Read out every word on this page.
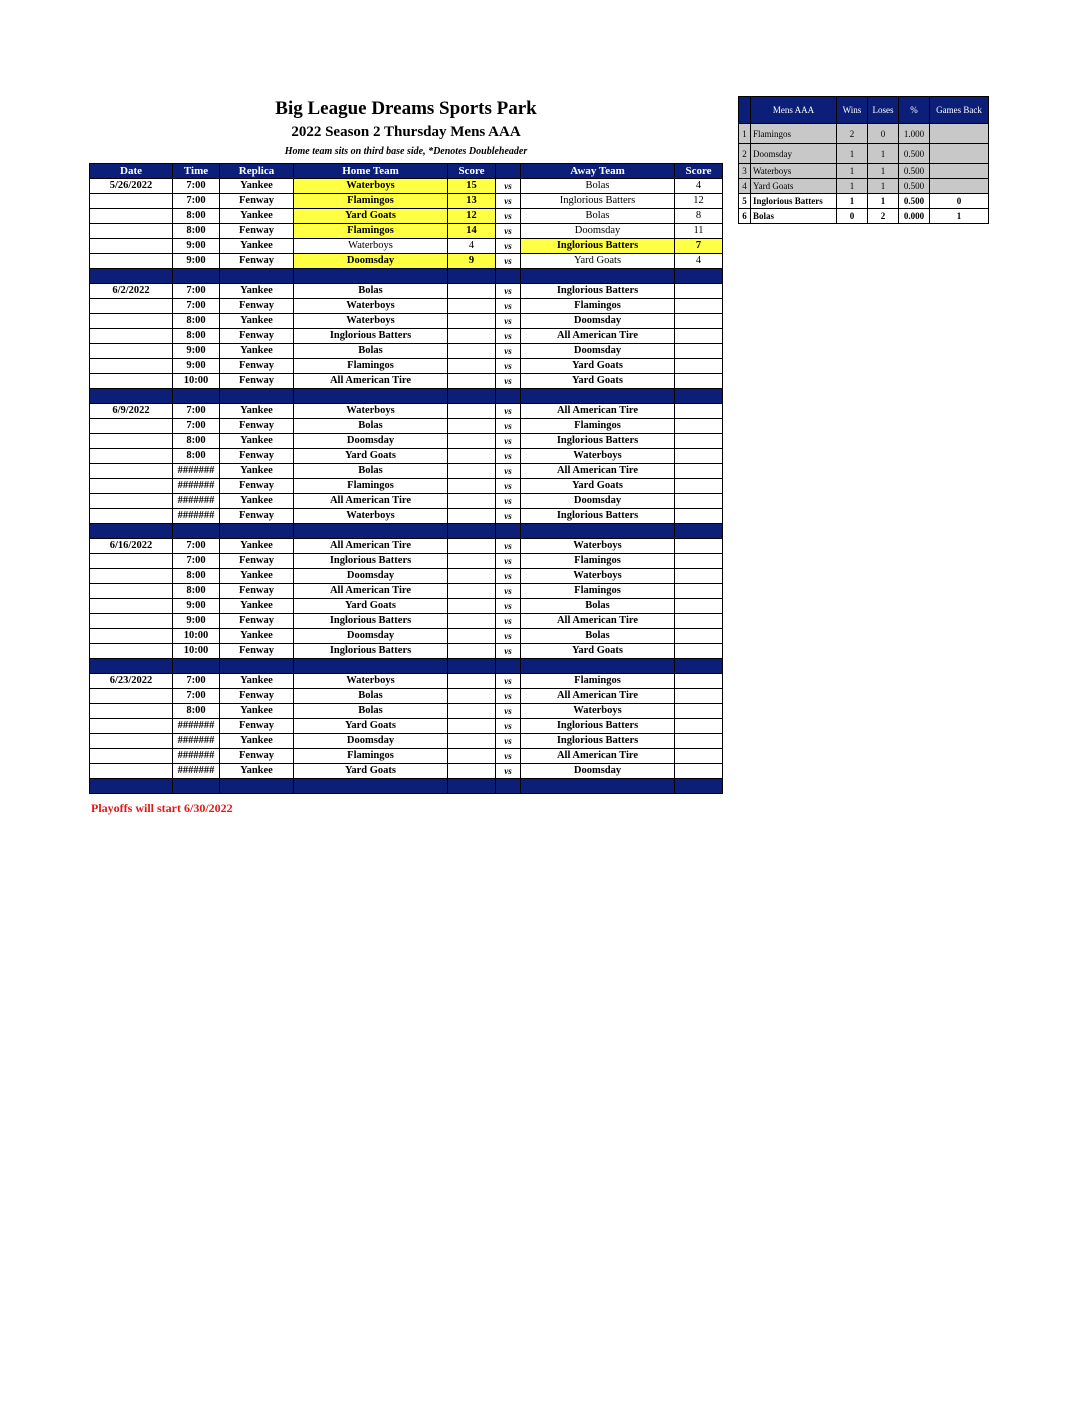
Big League Dreams Sports Park
2022 Season 2 Thursday Mens AAA
Home team sits on third base side, *Denotes Doubleheader
Date	Time	Replica	Home Team	Score		Away Team	Score
5/26/2022	7:00	Yankee	Waterboys	15	vs	Bolas	4
	7:00	Fenway	Flamingos	13	vs	Inglorious Batters	12
	8:00	Yankee	Yard Goats	12	vs	Bolas	8
	8:00	Fenway	Flamingos	14	vs	Doomsday	11
	9:00	Yankee	Waterboys	4	vs	Inglorious Batters	7
	9:00	Fenway	Doomsday	9	vs	Yard Goats	4

6/2/2022	7:00	Yankee	Bolas		vs	Inglorious Batters	
	7:00	Fenway	Waterboys		vs	Flamingos	
	8:00	Yankee	Waterboys		vs	Doomsday	
	8:00	Fenway	Inglorious Batters		vs	All American Tire	
	9:00	Yankee	Bolas		vs	Doomsday	
	9:00	Fenway	Flamingos		vs	Yard Goats	
	10:00	Fenway	All American Tire		vs	Yard Goats	

6/9/2022	7:00	Yankee	Waterboys		vs	All American Tire	
	7:00	Fenway	Bolas		vs	Flamingos	
	8:00	Yankee	Doomsday		vs	Inglorious Batters	
	8:00	Fenway	Yard Goats		vs	Waterboys	
	#######	Yankee	Bolas		vs	All American Tire	
	#######	Fenway	Flamingos		vs	Yard Goats	
	#######	Yankee	All American Tire		vs	Doomsday	
	#######	Fenway	Waterboys		vs	Inglorious Batters	

6/16/2022	7:00	Yankee	All American Tire		vs	Waterboys	
	7:00	Fenway	Inglorious Batters		vs	Flamingos	
	8:00	Yankee	Doomsday		vs	Waterboys	
	8:00	Fenway	All American Tire		vs	Flamingos	
	9:00	Yankee	Yard Goats		vs	Bolas	
	9:00	Fenway	Inglorious Batters		vs	All American Tire	
	10:00	Yankee	Doomsday		vs	Bolas	
	10:00	Fenway	Inglorious Batters		vs	Yard Goats	

6/23/2022	7:00	Yankee	Waterboys		vs	Flamingos	
	7:00	Fenway	Bolas		vs	All American Tire	
	8:00	Yankee	Bolas		vs	Waterboys	
	#######	Fenway	Yard Goats		vs	Inglorious Batters	
	#######	Yankee	Doomsday		vs	Inglorious Batters	
	#######	Fenway	Flamingos		vs	All American Tire	
	#######	Yankee	Yard Goats		vs	Doomsday	

Playoffs will start 6/30/2022
	Mens AAA	Wins	Loses	%	Games Back
1	Flamingos	2	0	1.000	
2	Doomsday	1	1	0.500	
3	Waterboys	1	1	0.500	
4	Yard Goats	1	1	0.500	
5	Inglorious Batters	1	1	0.500	0
6	Bolas	0	2	0.000	1
